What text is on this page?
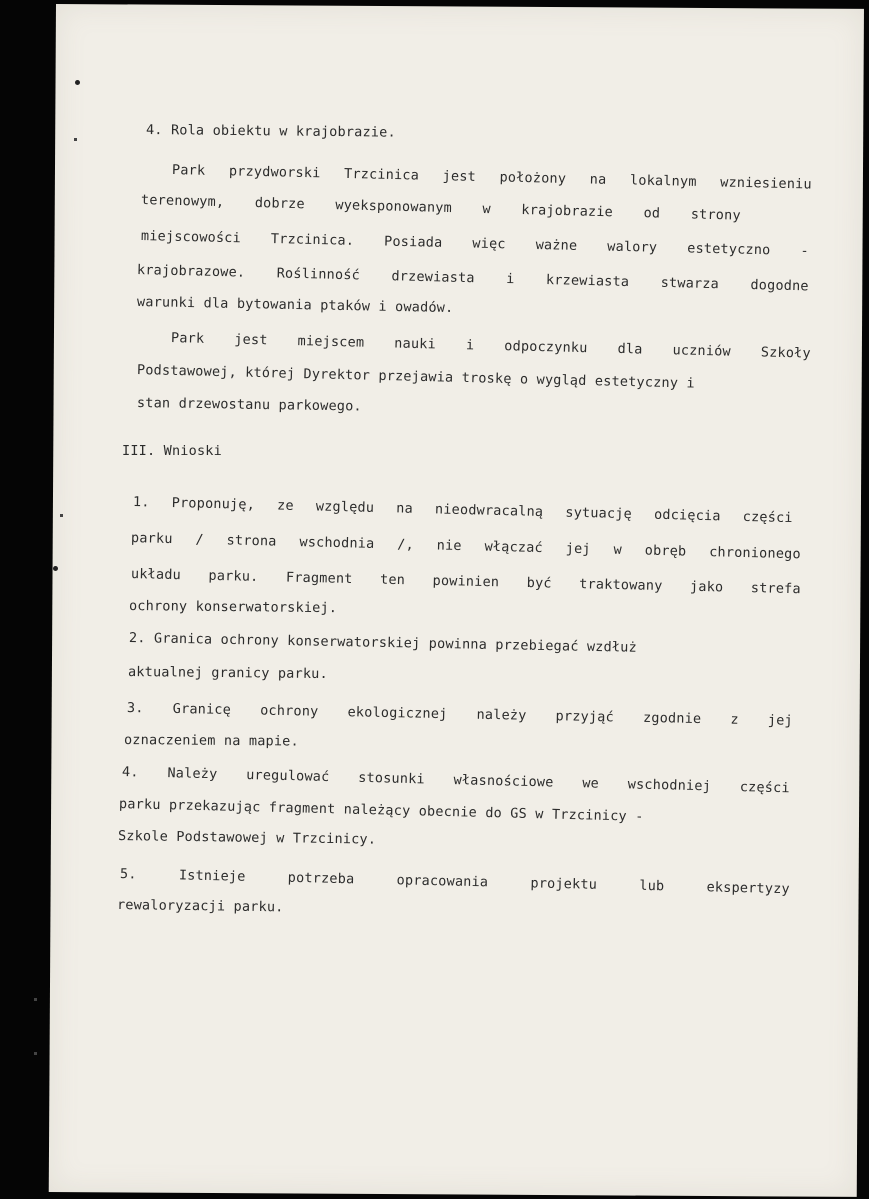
4. Rola obiektu w krajobrazie.
Park przydworski Trzcinica jest położony na lokalnym wzniesieniu
terenowym, dobrze wyeksponowanym w krajobrazie od strony
miejscowości Trzcinica. Posiada więc ważne walory estetyczno -
krajobrazowe. Roślinność drzewiasta i krzewiasta stwarza dogodne
warunki dla bytowania ptaków i owadów.
Park jest miejscem nauki i odpoczynku dla uczniów Szkoły
Podstawowej, której Dyrektor przejawia troskę o wygląd estetyczny i
stan drzewostanu parkowego.
III. Wnioski
1. Proponuję, ze względu na nieodwracalną sytuację odcięcia części
parku / strona wschodnia /, nie włączać jej w obręb chronionego
układu parku. Fragment ten powinien być traktowany jako strefa
ochrony konserwatorskiej.
2. Granica ochrony konserwatorskiej powinna przebiegać wzdłuż
aktualnej granicy parku.
3. Granicę ochrony ekologicznej należy przyjąć zgodnie z jej
oznaczeniem na mapie.
4. Należy uregulować stosunki własnościowe we wschodniej części
parku przekazując fragment należący obecnie do GS w Trzcinicy -
Szkole Podstawowej w Trzcinicy.
5.	Istnieje	potrzeba	opracowania	projektu	lub	ekspertyzy
rewaloryzacji parku.
